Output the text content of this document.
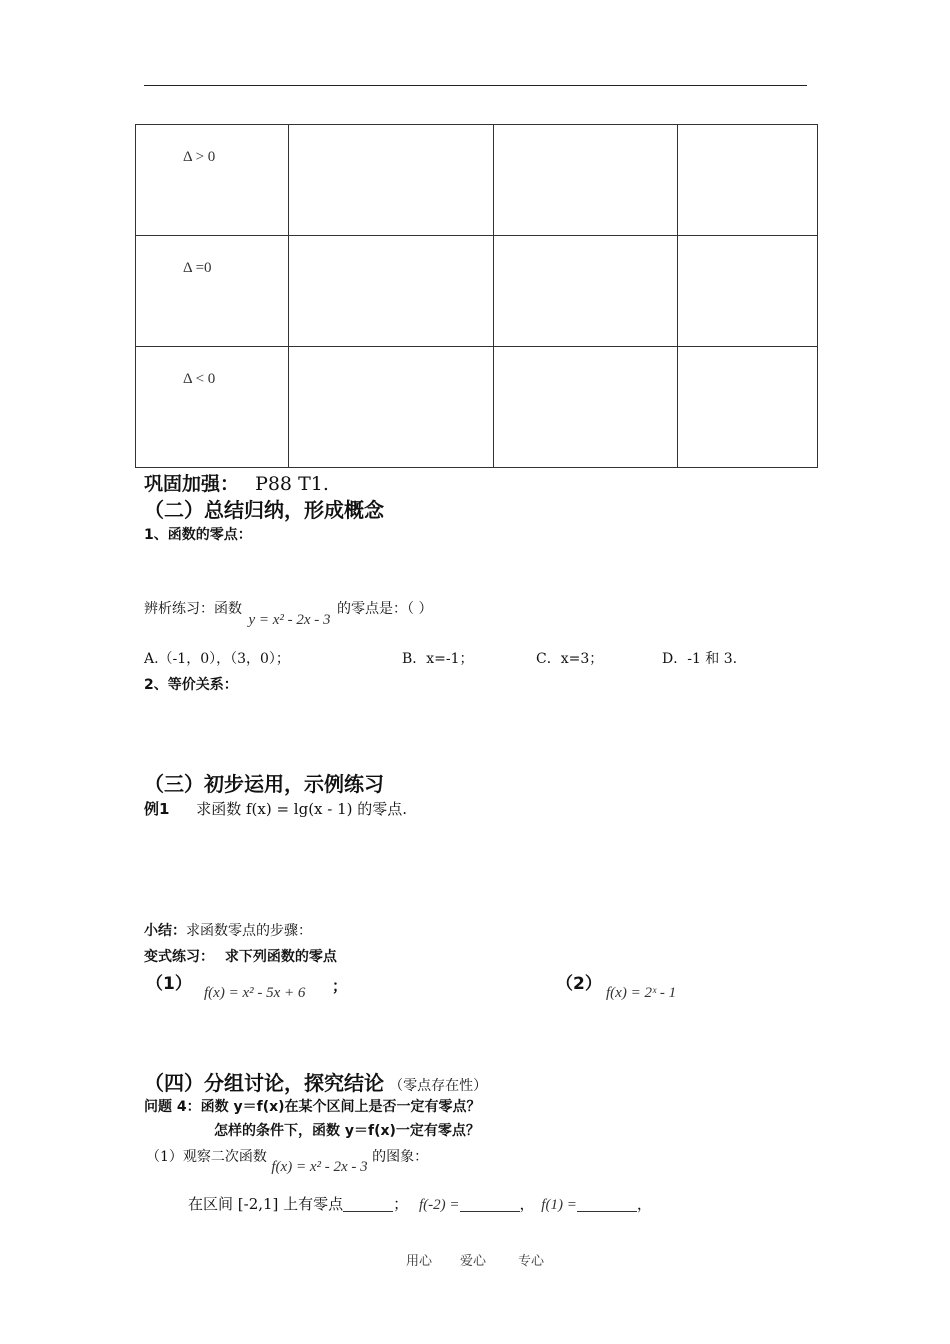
Δ > 0			

Δ =0			

Δ < 0			

巩固加强： P88 T1.
（二）总结归纳，形成概念
1、函数的零点：
辨析练习：函数 y = x² - 2x - 3 的零点是：（ ）
A.（-1，0），（3，0）；	B．x=-1；	C．x=3；	D．-1 和 3.
2、等价关系：
（三）初步运用，示例练习
例1 求函数 f(x) = lg(x - 1) 的零点.
小结：求函数零点的步骤：
变式练习： 求下列函数的零点
（1） f(x) = x² - 5x + 6 ；	（2） f(x) = 2ˣ - 1
（四）分组讨论，探究结论 （零点存在性）
问题 4：函数 y＝f(x)在某个区间上是否一定有零点？
怎样的条件下，函数 y＝f(x)一定有零点？
（1）观察二次函数 f(x) = x² - 2x - 3 的图象：
在区间 [-2,1] 上有零点	； f(-2) =	， f(1) =	，
用心 爱心 专心
